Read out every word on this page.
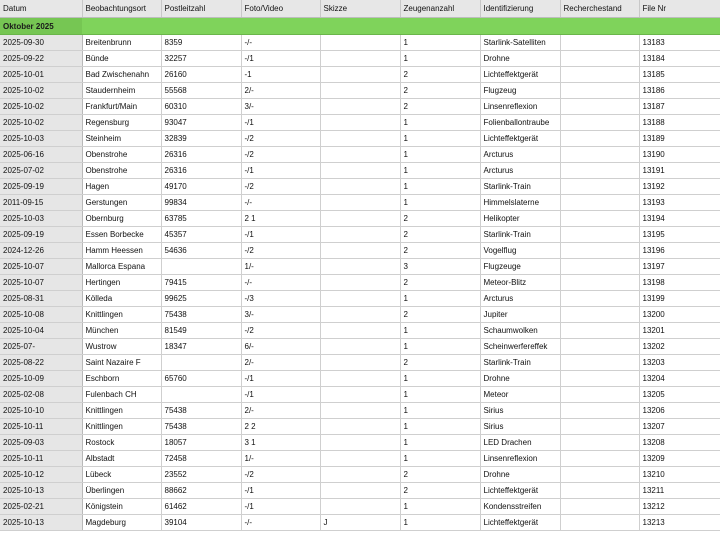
Datum	Beobachtungsort	Postleitzahl	Foto/Video	Skizze	Zeugenanzahl	Identifizierung	Recherchestand	File Nr
Oktober 2025								
2025-09-30	Breitenbrunn	8359	-/-		1	Starlink-Satelliten		13183
2025-09-22	Bünde	32257	-/1		1	Drohne		13184
2025-10-01	Bad Zwischenahn	26160	-1		2	Lichteffektgerät		13185
2025-10-02	Staudernheim	55568	2/-		2	Flugzeug		13186
2025-10-02	Frankfurt/Main	60310	3/-		2	Linsenreflexion		13187
2025-10-02	Regensburg	93047	-/1		1	Folienballontraube		13188
2025-10-03	Steinheim	32839	-/2		1	Lichteffektgerät		13189
2025-06-16	Obenstrohe	26316	-/2		1	Arcturus		13190
2025-07-02	Obenstrohe	26316	-/1		1	Arcturus		13191
2025-09-19	Hagen	49170	-/2		1	Starlink-Train		13192
2011-09-15	Gerstungen	99834	-/-		1	Himmelslaterne		13193
2025-10-03	Obernburg	63785	2 1		2	Helikopter		13194
2025-09-19	Essen Borbecke	45357	-/1		2	Starlink-Train		13195
2024-12-26	Hamm Heessen	54636	-/2		2	Vogelflug		13196
2025-10-07	Mallorca Espana		1/-		3	Flugzeuge		13197
2025-10-07	Hertingen	79415	-/-		2	Meteor-Blitz		13198
2025-08-31	Kölleda	99625	-/3		1	Arcturus		13199
2025-10-08	Knittlingen	75438	3/-		2	Jupiter		13200
2025-10-04	München	81549	-/2		1	Schaumwolken		13201
2025-07-	Wustrow	18347	6/-		1	Scheinwerfereffek		13202
2025-08-22	Saint Nazaire F		2/-		2	Starlink-Train		13203
2025-10-09	Eschborn	65760	-/1		1	Drohne		13204
2025-02-08	Fulenbach CH		-/1		1	Meteor		13205
2025-10-10	Knittlingen	75438	2/-		1	Sirius		13206
2025-10-11	Knittlingen	75438	2 2		1	Sirius		13207
2025-09-03	Rostock	18057	3 1		1	LED Drachen		13208
2025-10-11	Albstadt	72458	1/-		1	Linsenreflexion		13209
2025-10-12	Lübeck	23552	-/2		2	Drohne		13210
2025-10-13	Überlingen	88662	-/1		2	Lichteffektgerät		13211
2025-02-21	Königstein	61462	-/1		1	Kondensstreifen		13212
2025-10-13	Magdeburg	39104	-/-	J	1	Lichteffektgerät		13213
